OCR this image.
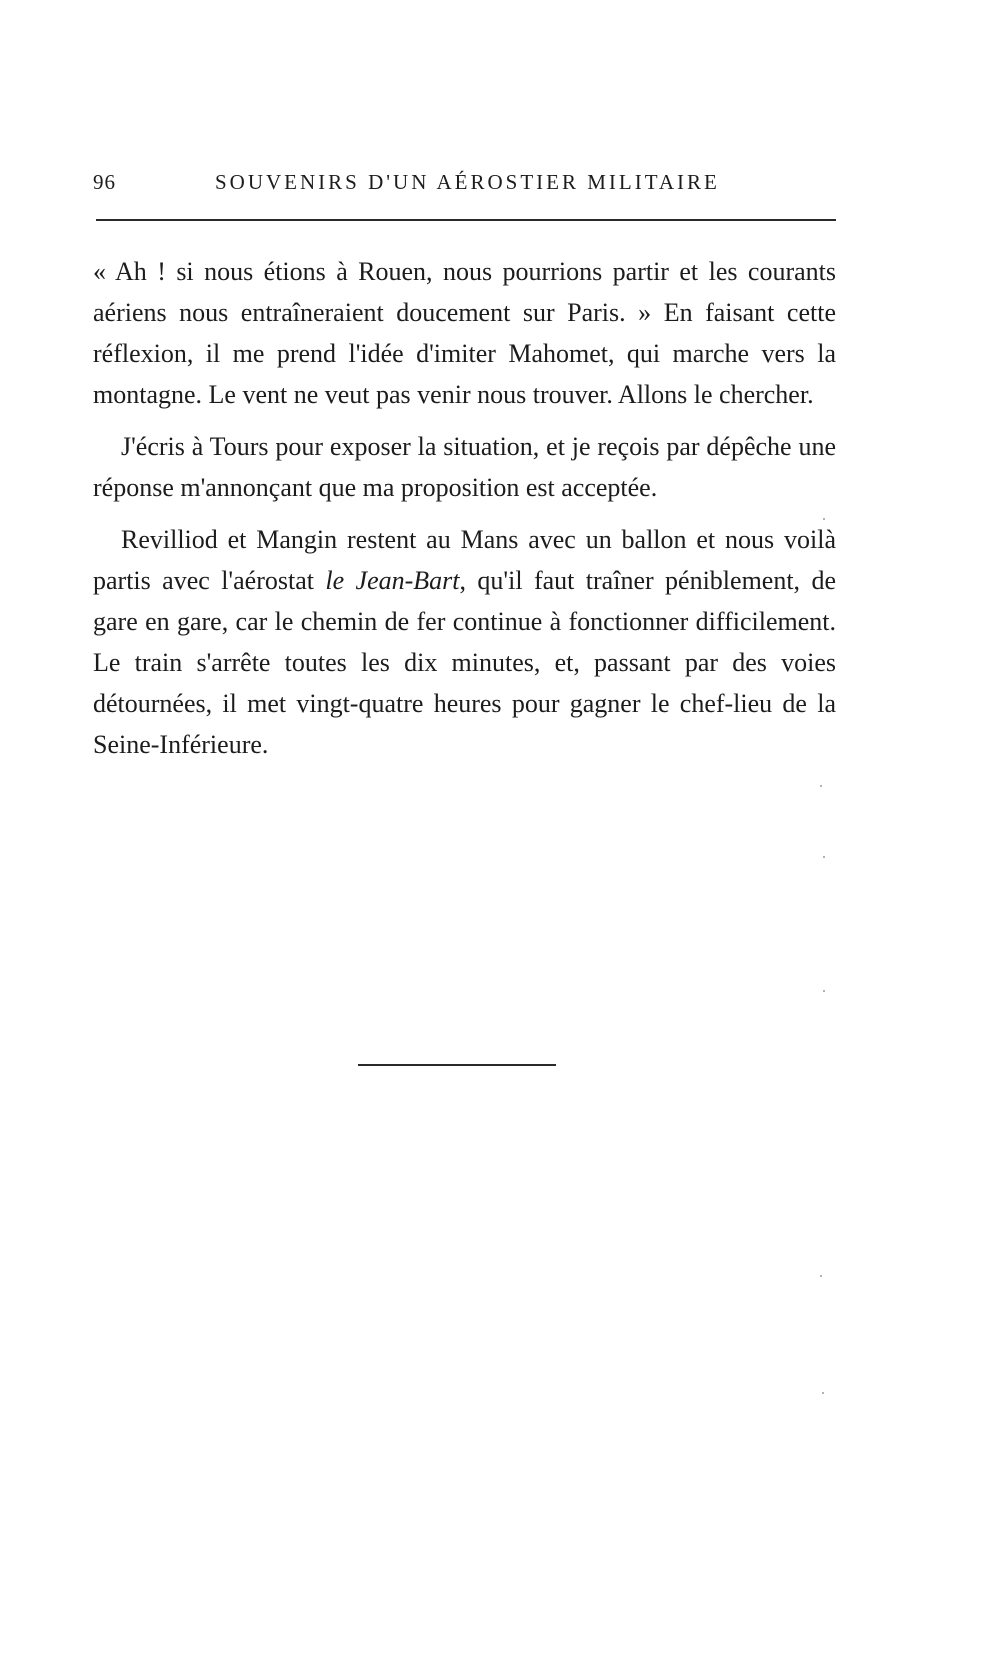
96	SOUVENIRS D'UN AÉROSTIER MILITAIRE

« Ah ! si nous étions à Rouen, nous pourrions partir et les courants aériens nous entraîneraient doucement sur Paris. » En faisant cette réflexion, il me prend l'idée d'imiter Mahomet, qui marche vers la montagne. Le vent ne veut pas venir nous trouver. Allons le chercher.

J'écris à Tours pour exposer la situation, et je reçois par dépêche une réponse m'annonçant que ma proposition est acceptée.

Revilliod et Mangin restent au Mans avec un ballon et nous voilà partis avec l'aérostat le Jean-Bart, qu'il faut traîner péniblement, de gare en gare, car le chemin de fer continue à fonctionner difficilement. Le train s'arrête toutes les dix minutes, et, passant par des voies détournées, il met vingt-quatre heures pour gagner le chef-lieu de la Seine-Inférieure.
